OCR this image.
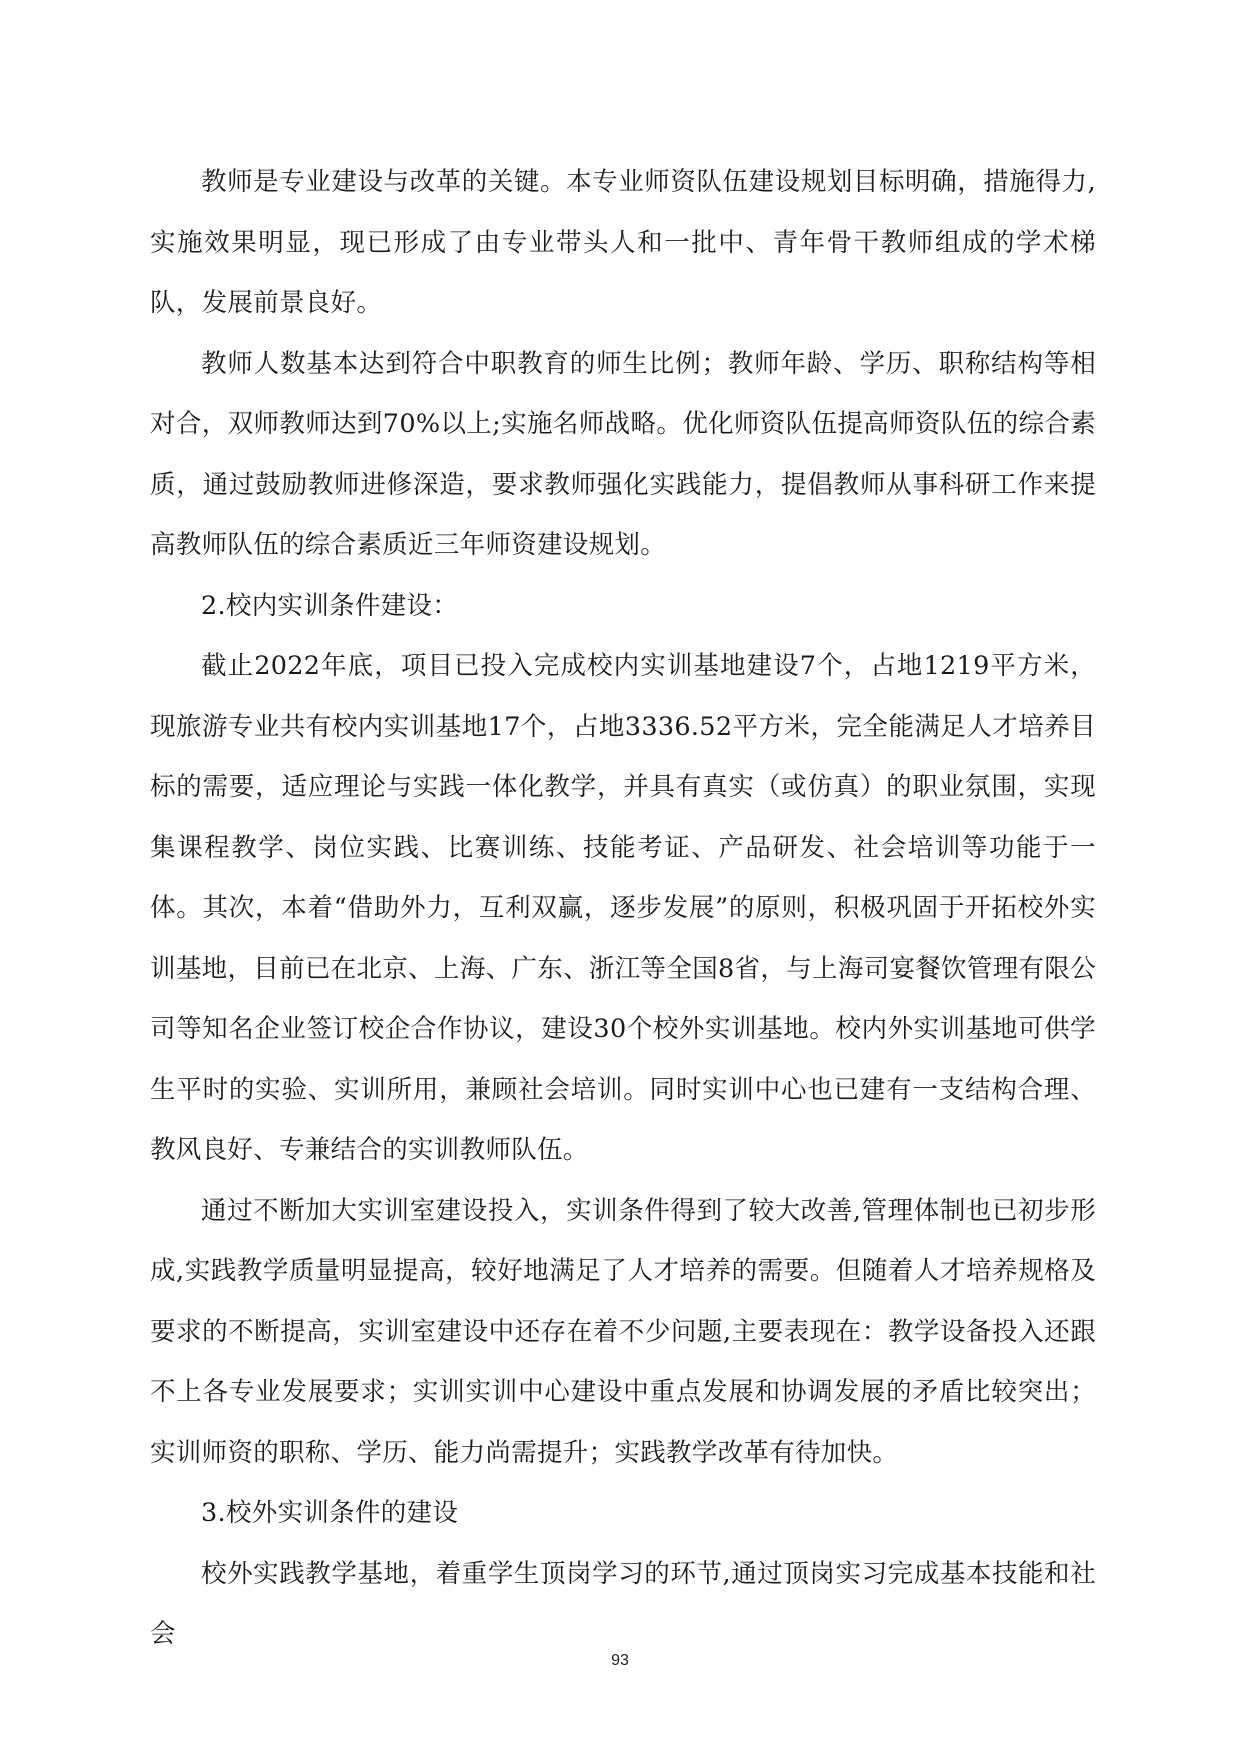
教师是专业建设与改革的关键。本专业师资队伍建设规划目标明确，措施得力,实施效果明显，现已形成了由专业带头人和一批中、青年骨干教师组成的学术梯队，发展前景良好。

教师人数基本达到符合中职教育的师生比例；教师年龄、学历、职称结构等相对合，双师教师达到70%以上;实施名师战略。优化师资队伍提高师资队伍的综合素质，通过鼓励教师进修深造，要求教师强化实践能力，提倡教师从事科研工作来提高教师队伍的综合素质近三年师资建设规划。

2.校内实训条件建设：

截止2022年底，项目已投入完成校内实训基地建设7个，占地1219平方米，现旅游专业共有校内实训基地17个，占地3336.52平方米，完全能满足人才培养目标的需要，适应理论与实践一体化教学，并具有真实（或仿真）的职业氛围，实现集课程教学、岗位实践、比赛训练、技能考证、产品研发、社会培训等功能于一体。其次，本着“借助外力，互利双赢，逐步发展”的原则，积极巩固于开拓校外实训基地，目前已在北京、上海、广东、浙江等全国8省，与上海司宴餐饮管理有限公司等知名企业签订校企合作协议，建设30个校外实训基地。校内外实训基地可供学生平时的实验、实训所用，兼顾社会培训。同时实训中心也已建有一支结构合理、教风良好、专兼结合的实训教师队伍。

通过不断加大实训室建设投入，实训条件得到了较大改善,管理体制也已初步形成,实践教学质量明显提高，较好地满足了人才培养的需要。但随着人才培养规格及要求的不断提高，实训室建设中还存在着不少问题,主要表现在：教学设备投入还跟不上各专业发展要求；实训实训中心建设中重点发展和协调发展的矛盾比较突出；实训师资的职称、学历、能力尚需提升；实践教学改革有待加快。

3.校外实训条件的建设

校外实践教学基地，着重学生顶岗学习的环节,通过顶岗实习完成基本技能和社会

93
